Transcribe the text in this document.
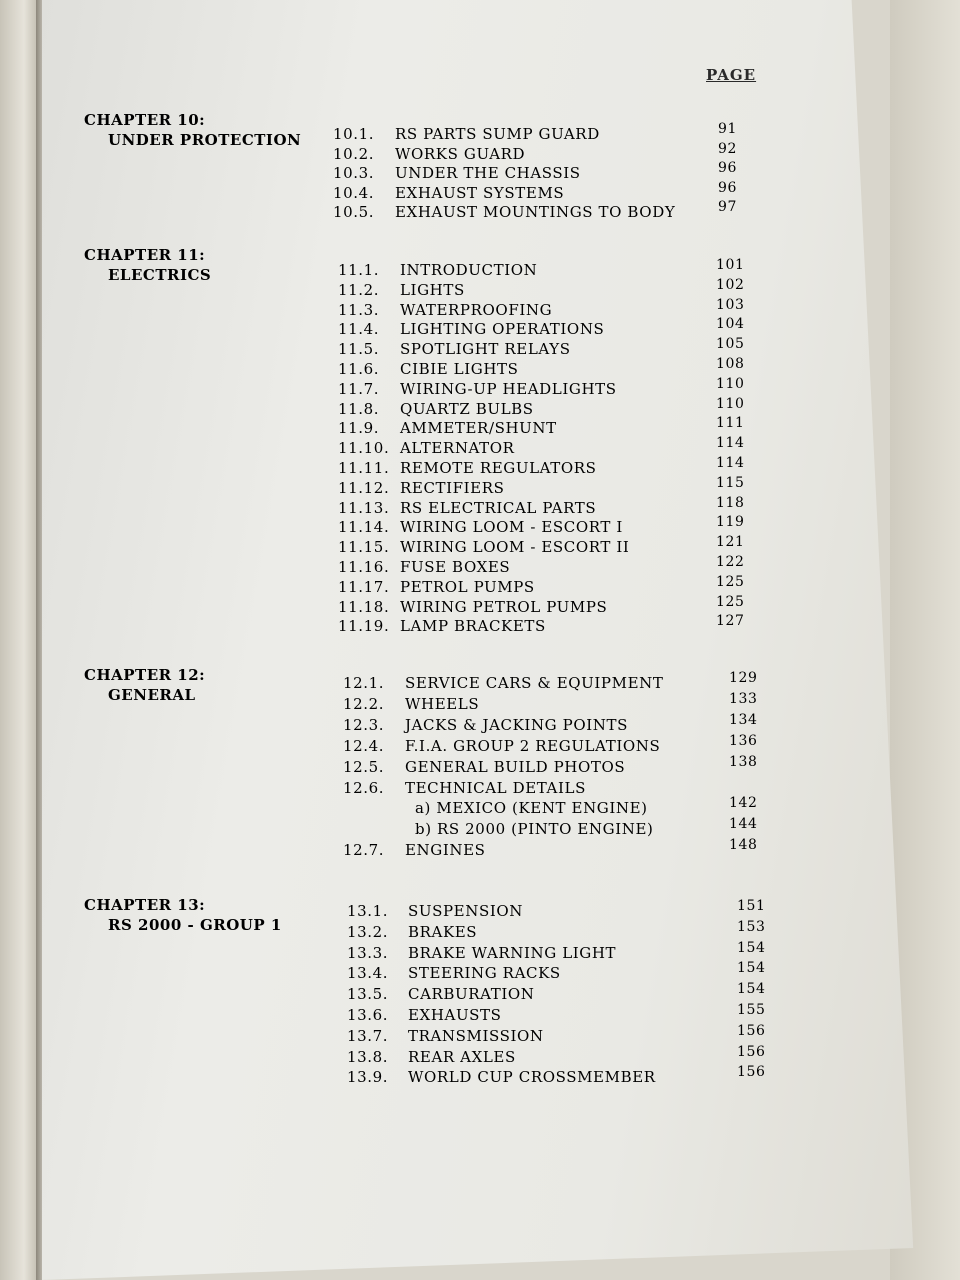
PAGE
CHAPTER 10:
UNDER PROTECTION 10.1. RS PARTS SUMP GUARD	91
10.2. WORKS GUARD	92
10.3. UNDER THE CHASSIS	96
10.4. EXHAUST SYSTEMS	96
10.5. EXHAUST MOUNTINGS TO BODY	97
CHAPTER 11:
ELECTRICS	11.1. INTRODUCTION	101
11.2. LIGHTS	102
11.3. WATERPROOFING	103
11.4. LIGHTING OPERATIONS	104
11.5. SPOTLIGHT RELAYS	105
11.6. CIBIE LIGHTS	108
11.7. WIRING-UP HEADLIGHTS	110
11.8. QUARTZ BULBS	110
11.9. AMMETER/SHUNT	111
11.10. ALTERNATOR	114
11.11. REMOTE REGULATORS	114
11.12. RECTIFIERS	115
11.13. RS ELECTRICAL PARTS	118
11.14. WIRING LOOM - ESCORT I	119
11.15. WIRING LOOM - ESCORT II	121
11.16. FUSE BOXES	122
11.17. PETROL PUMPS	125
11.18. WIRING PETROL PUMPS	125
11.19. LAMP BRACKETS	127
CHAPTER 12:
GENERAL
12.1. SERVICE CARS & EQUIPMENT	129
12.2. WHEELS	133
12.3. JACKS & JACKING POINTS	134
12.4. F.I.A. GROUP 2 REGULATIONS	136
12.5. GENERAL BUILD PHOTOS	138
12.6. TECHNICAL DETAILS
a) MEXICO (KENT ENGINE)	142
b) RS 2000 (PINTO ENGINE)	144
12.7. ENGINES	148
CHAPTER 13:
RS 2000 - GROUP 1
13.1. SUSPENSION	151
13.2. BRAKES	153
13.3. BRAKE WARNING LIGHT	154
13.4. STEERING RACKS	154
13.5. CARBURATION	154
13.6. EXHAUSTS	155
13.7. TRANSMISSION	156
13.8. REAR AXLES	156
13.9. WORLD CUP CROSSMEMBER	156
